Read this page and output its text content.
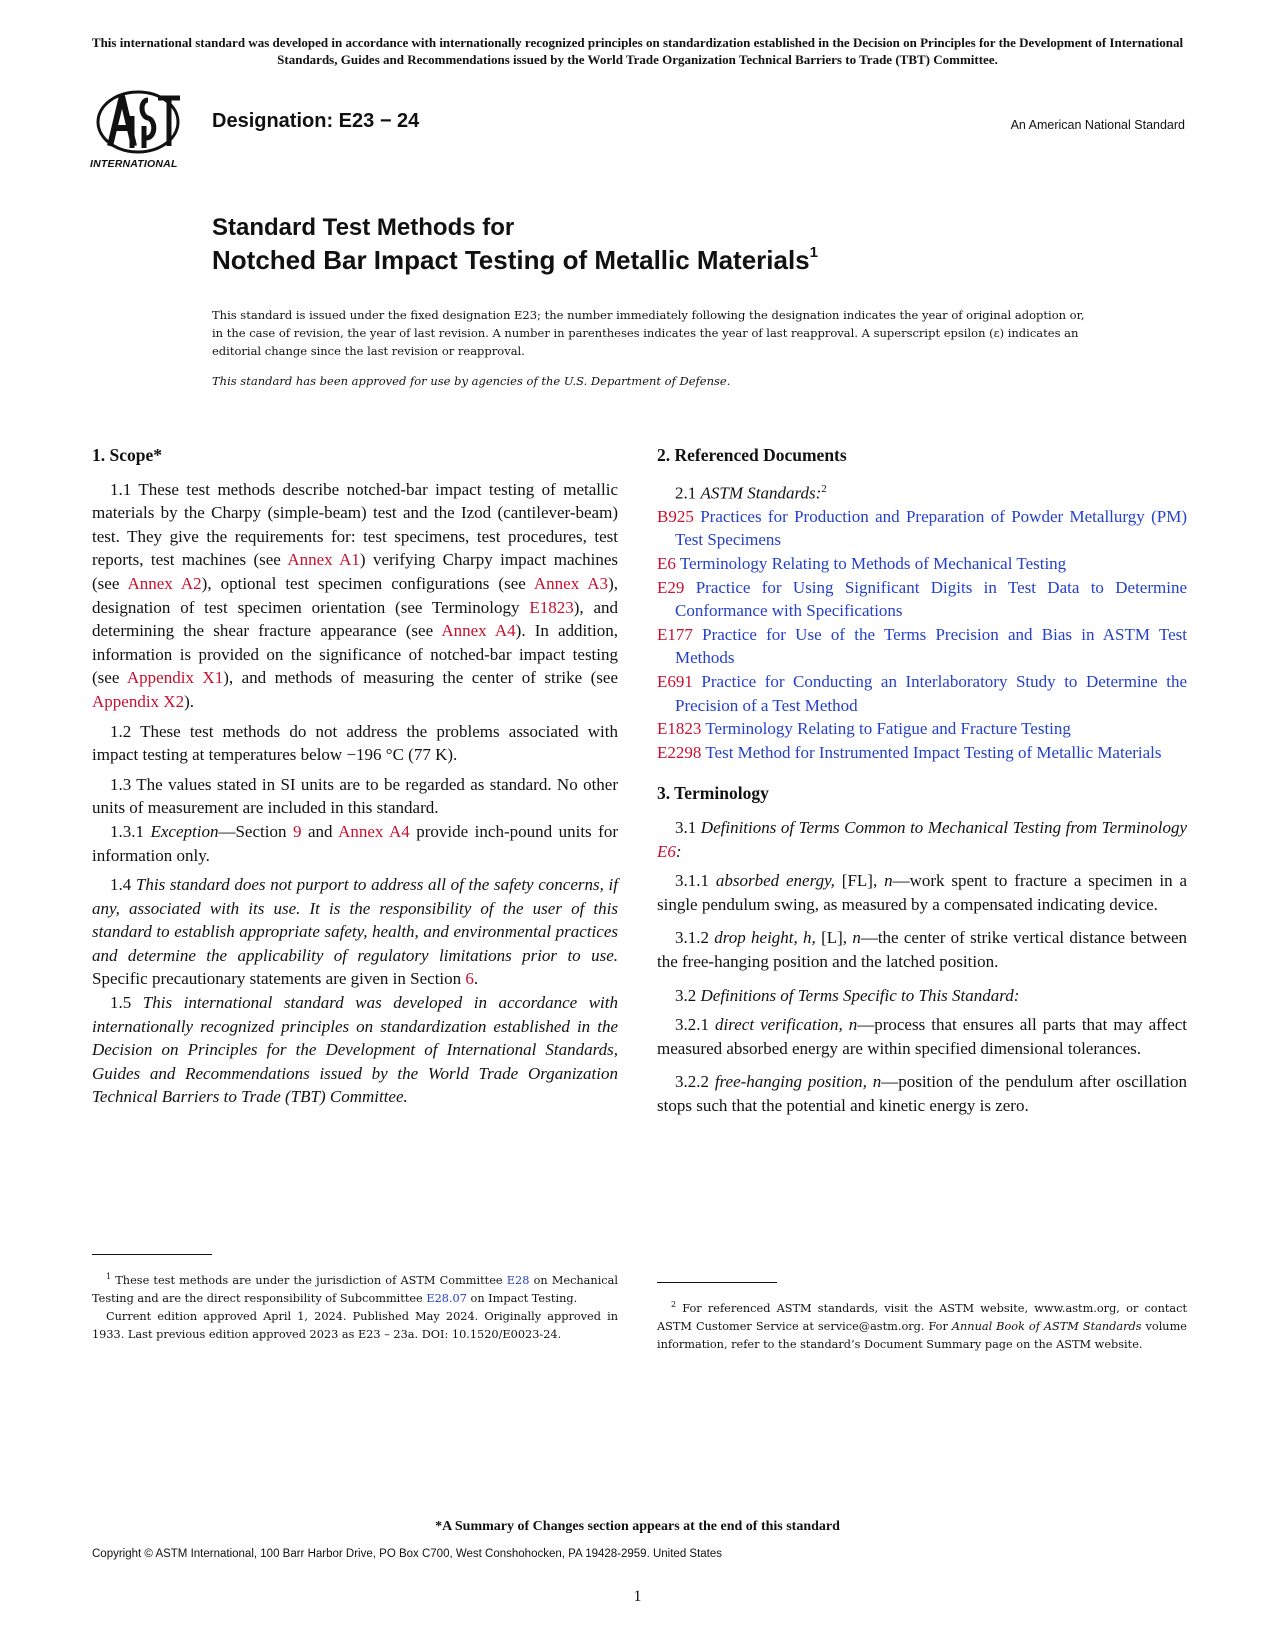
This international standard was developed in accordance with internationally recognized principles on standardization established in the Decision on Principles for the Development of International Standards, Guides and Recommendations issued by the World Trade Organization Technical Barriers to Trade (TBT) Committee.
INTERNATIONAL
Designation: E23 − 24	An American National Standard
Standard Test Methods for
Notched Bar Impact Testing of Metallic Materials$^1$
This standard is issued under the fixed designation E23; the number immediately following the designation indicates the year of original adoption or, in the case of revision, the year of last revision. A number in parentheses indicates the year of last reapproval. A superscript epsilon (ε) indicates an editorial change since the last revision or reapproval.
This standard has been approved for use by agencies of the U.S. Department of Defense.
1. Scope*
1.1 These test methods describe notched-bar impact testing of metallic materials by the Charpy (simple-beam) test and the Izod (cantilever-beam) test. They give the requirements for: test specimens, test procedures, test reports, test machines (see Annex A1) verifying Charpy impact machines (see Annex A2), optional test specimen configurations (see Annex A3), designation of test specimen orientation (see Terminology E1823), and determining the shear fracture appearance (see Annex A4). In addition, information is provided on the significance of notched-bar impact testing (see Appendix X1), and methods of measuring the center of strike (see Appendix X2).
1.2 These test methods do not address the problems associated with impact testing at temperatures below −196 °C (77 K).
1.3 The values stated in SI units are to be regarded as standard. No other units of measurement are included in this standard.
1.3.1 Exception—Section 9 and Annex A4 provide inch-pound units for information only.
1.4 This standard does not purport to address all of the safety concerns, if any, associated with its use. It is the responsibility of the user of this standard to establish appropriate safety, health, and environmental practices and determine the applicability of regulatory limitations prior to use. Specific precautionary statements are given in Section 6.
1.5 This international standard was developed in accordance with internationally recognized principles on standardization established in the Decision on Principles for the Development of International Standards, Guides and Recommendations issued by the World Trade Organization Technical Barriers to Trade (TBT) Committee.
2. Referenced Documents
2.1 ASTM Standards:$^2$
B925 Practices for Production and Preparation of Powder Metallurgy (PM) Test Specimens
E6 Terminology Relating to Methods of Mechanical Testing
E29 Practice for Using Significant Digits in Test Data to Determine Conformance with Specifications
E177 Practice for Use of the Terms Precision and Bias in ASTM Test Methods
E691 Practice for Conducting an Interlaboratory Study to Determine the Precision of a Test Method
E1823 Terminology Relating to Fatigue and Fracture Testing
E2298 Test Method for Instrumented Impact Testing of Metallic Materials
3. Terminology
3.1 Definitions of Terms Common to Mechanical Testing from Terminology E6:
3.1.1 absorbed energy, [FL], n—work spent to fracture a specimen in a single pendulum swing, as measured by a compensated indicating device.
3.1.2 drop height, h, [L], n—the center of strike vertical distance between the free-hanging position and the latched position.
3.2 Definitions of Terms Specific to This Standard:
3.2.1 direct verification, n—process that ensures all parts that may affect measured absorbed energy are within specified dimensional tolerances.
3.2.2 free-hanging position, n—position of the pendulum after oscillation stops such that the potential and kinetic energy is zero.
$^1$ These test methods are under the jurisdiction of ASTM Committee E28 on Mechanical Testing and are the direct responsibility of Subcommittee E28.07 on Impact Testing.
Current edition approved April 1, 2024. Published May 2024. Originally approved in 1933. Last previous edition approved 2023 as E23 – 23a. DOI: 10.1520/E0023-24.
$^2$ For referenced ASTM standards, visit the ASTM website, www.astm.org, or contact ASTM Customer Service at service@astm.org. For Annual Book of ASTM Standards volume information, refer to the standard’s Document Summary page on the ASTM website.
*A Summary of Changes section appears at the end of this standard
Copyright © ASTM International, 100 Barr Harbor Drive, PO Box C700, West Conshohocken, PA 19428-2959. United States
1
